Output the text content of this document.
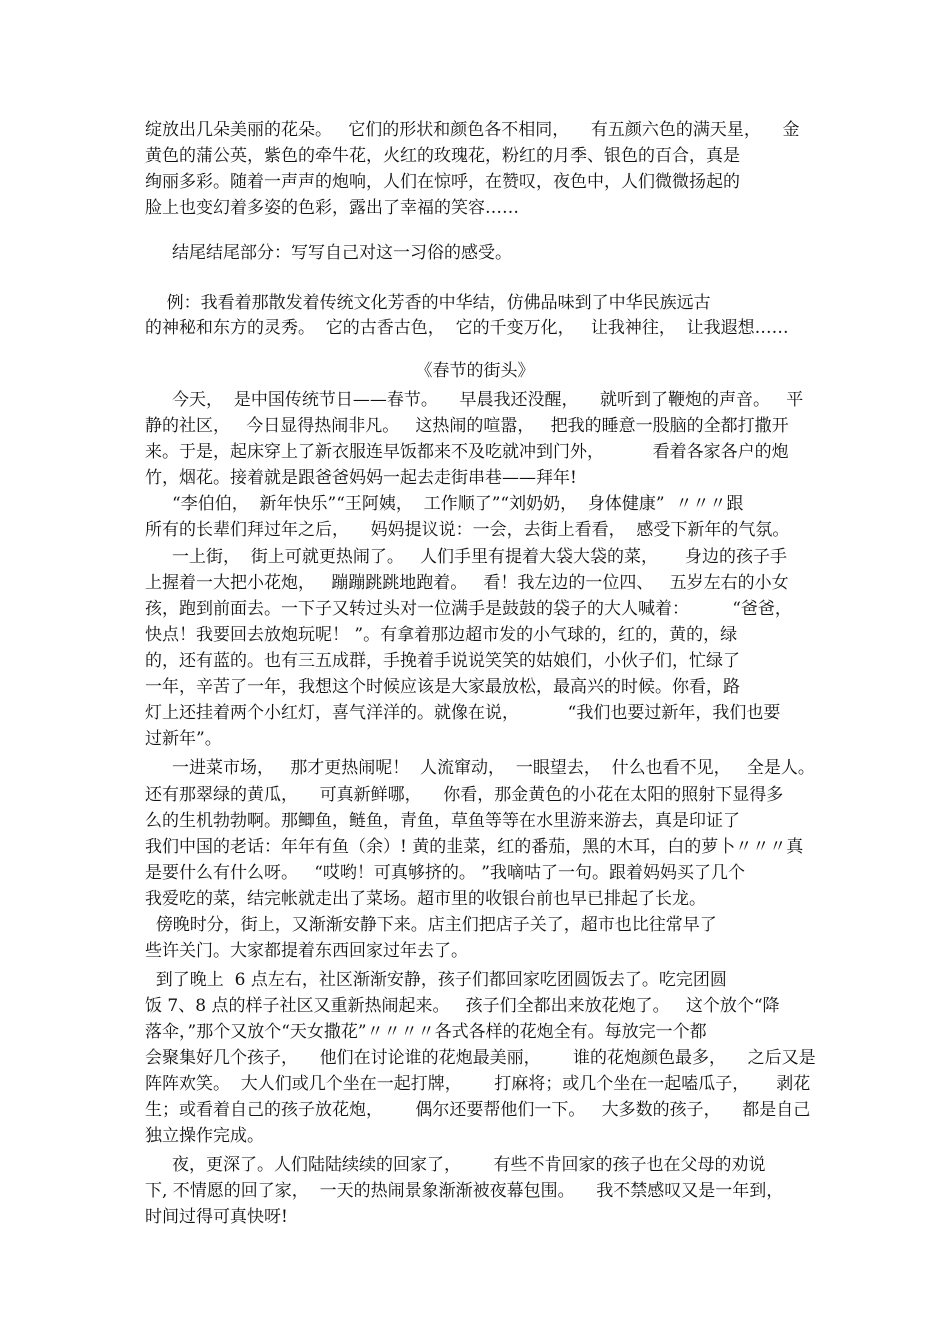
绽放出几朵美丽的花朵。   它们的形状和颜色各不相同，    有五颜六色的满天星，    金
黄色的蒲公英，紫色的牵牛花，火红的玫瑰花，粉红的月季、银色的百合，真是
绚丽多彩。随着一声声的炮响，人们在惊呼，在赞叹，夜色中，人们微微扬起的
脸上也变幻着多姿的色彩，露出了幸福的笑容……
结尾结尾部分：写写自己对这一习俗的感受。
例：我看着那散发着传统文化芳香的中华结，仿佛品味到了中华民族远古
的神秘和东方的灵秀。  它的古香古色，  它的千变万化，   让我神往，  让我遐想……
《春节的街头》
今天，  是中国传统节日——春节。    早晨我还没醒，    就听到了鞭炮的声音。   平
静的社区，   今日显得热闹非凡。   这热闹的喧嚣，   把我的睡意一股脑的全都打撒开
来。于是，起床穿上了新衣服连早饭都来不及吃就冲到门外，         看着各家各户的炮
竹，烟花。接着就是跟爸爸妈妈一起去走街串巷——拜年!
“李伯伯，  新年快乐”“王阿姨，  工作顺了”“刘奶奶，  身体健康”  〃〃〃跟
所有的长辈们拜过年之后，    妈妈提议说：一会，去街上看看，  感受下新年的气氛。
一上街，  街上可就更热闹了。   人们手里有提着大袋大袋的菜，     身边的孩子手
上握着一大把小花炮，   蹦蹦跳跳地跑着。   看！我左边的一位四、   五岁左右的小女
孩，跑到前面去。一下子又转过头对一位满手是鼓鼓的袋子的大人喊着：        “爸爸，
快点！我要回去放炮玩呢！ ”。有拿着那边超市发的小气球的，红的，黄的，绿
的，还有蓝的。也有三五成群，手挽着手说说笑笑的姑娘们，小伙子们，忙绿了
一年，辛苦了一年，我想这个时候应该是大家最放松，最高兴的时候。你看，路
灯上还挂着两个小红灯，喜气洋洋的。就像在说，         “我们也要过新年，我们也要
过新年”。
一进菜市场，   那才更热闹呢！  人流窜动，  一眼望去，  什么也看不见，   全是人。
还有那翠绿的黄瓜，    可真新鲜哪，    你看，那金黄色的小花在太阳的照射下显得多
么的生机勃勃啊。那鲫鱼，鲢鱼，青鱼，草鱼等等在水里游来游去，真是印证了
我们中国的老话：年年有鱼（余）! 黄的韭菜，红的番茄，黑的木耳，白的萝卜〃〃〃真
是要什么有什么呀。   “哎哟！可真够挤的。 ”我嘀咕了一句。跟着妈妈买了几个
我爱吃的菜，结完帐就走出了菜场。超市里的收银台前也早已排起了长龙。
傍晚时分，街上，又渐渐安静下来。店主们把店子关了，超市也比往常早了
些许关门。大家都提着东西回家过年去了。
到了晚上  6 点左右，社区渐渐安静，孩子们都回家吃团圆饭去了。吃完团圆
饭 7、8 点的样子社区又重新热闹起来。   孩子们全都出来放花炮了。   这个放个“降
落伞，”那个又放个“天女撒花”〃〃〃〃各式各样的花炮全有。每放完一个都
会聚集好几个孩子，    他们在讨论谁的花炮最美丽，      谁的花炮颜色最多，    之后又是
阵阵欢笑。  大人们或几个坐在一起打牌，      打麻将；或几个坐在一起嗑瓜子，     剥花
生；或看着自己的孩子放花炮，      偶尔还要帮他们一下。   大多数的孩子，    都是自己
独立操作完成。
夜，更深了。人们陆陆续续的回家了，      有些不肯回家的孩子也在父母的劝说
下, 不情愿的回了家，  一天的热闹景象渐渐被夜幕包围。    我不禁感叹又是一年到，
时间过得可真快呀!
